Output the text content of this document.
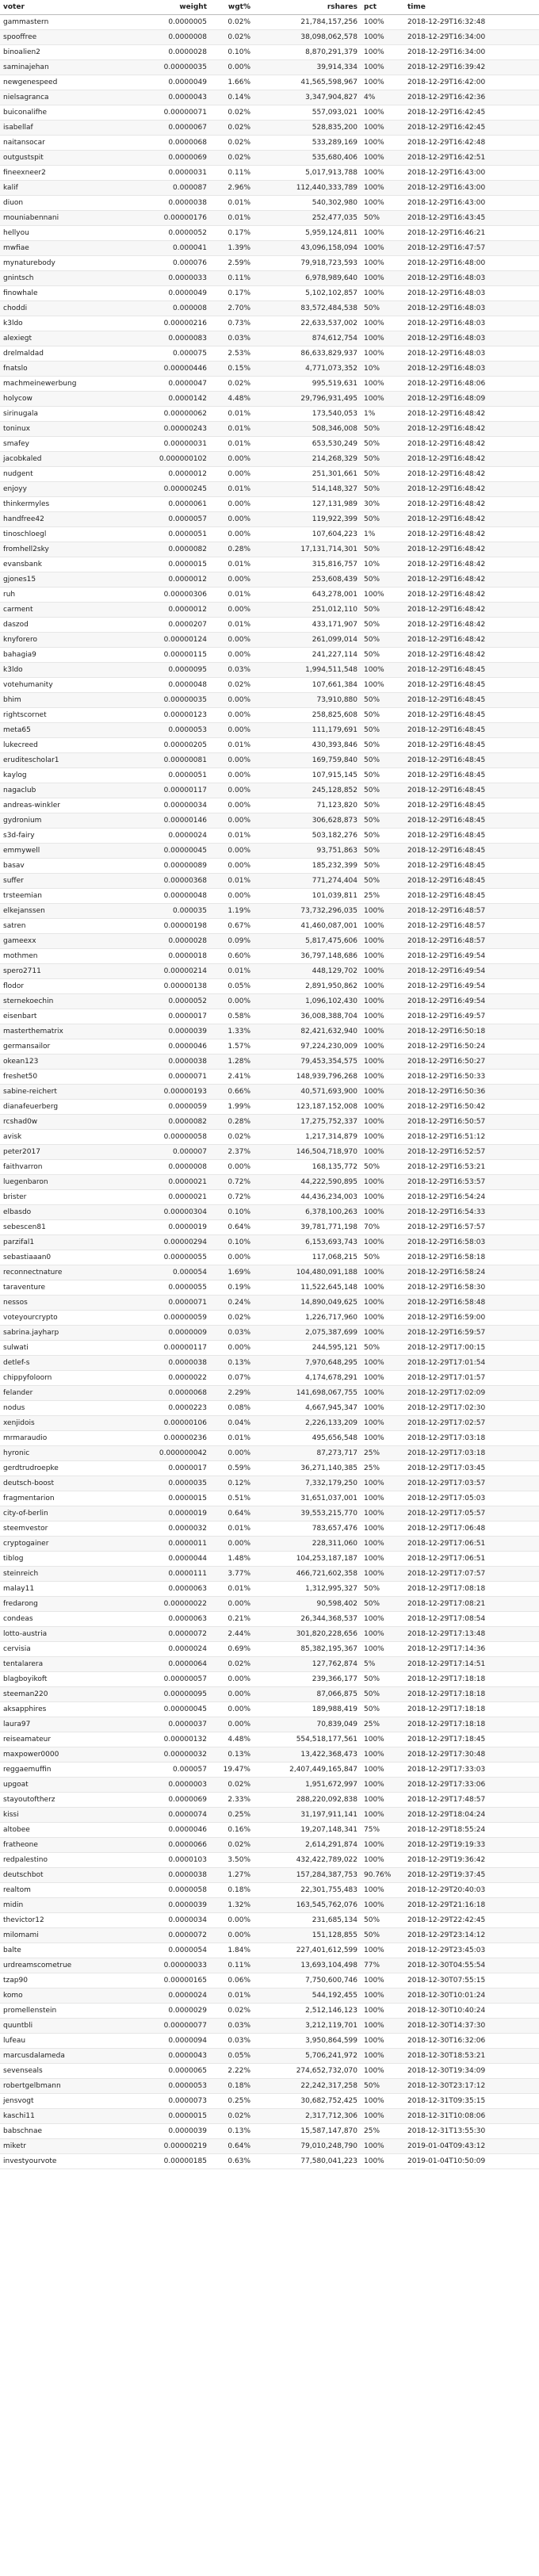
voter	weight	wgt%	rshares	pct	time
gammastern	0.0000005	0.02%	21,784,157,256	100%	2018-12-29T16:32:48
spooffree	0.0000008	0.02%	38,098,062,578	100%	2018-12-29T16:34:00
binoalien2	0.0000028	0.10%	8,870,291,379	100%	2018-12-29T16:34:00
saminajehan	0.00000035	0.00%	39,914,334	100%	2018-12-29T16:39:42
newgenespeed	0.0000049	1.66%	41,565,598,967	100%	2018-12-29T16:42:00
nielsagranca	0.0000043	0.14%	3,347,904,827	4%	2018-12-29T16:42:36
buiconalifhe	0.00000071	0.02%	557,093,021	100%	2018-12-29T16:42:45
isabellaf	0.0000067	0.02%	528,835,200	100%	2018-12-29T16:42:45
naitansocar	0.0000068	0.02%	533,289,169	100%	2018-12-29T16:42:48
outgustspit	0.0000069	0.02%	535,680,406	100%	2018-12-29T16:42:51
fineexneer2	0.0000031	0.11%	5,017,913,788	100%	2018-12-29T16:43:00
kalif	0.000087	2.96%	112,440,333,789	100%	2018-12-29T16:43:00
diuon	0.0000038	0.01%	540,302,980	100%	2018-12-29T16:43:00
mouniabennani	0.00000176	0.01%	252,477,035	50%	2018-12-29T16:43:45
hellyou	0.0000052	0.17%	5,959,124,811	100%	2018-12-29T16:46:21
mwfiae	0.000041	1.39%	43,096,158,094	100%	2018-12-29T16:47:57
mynaturebody	0.000076	2.59%	79,918,723,593	100%	2018-12-29T16:48:00
gnintsch	0.0000033	0.11%	6,978,989,640	100%	2018-12-29T16:48:03
finowhale	0.0000049	0.17%	5,102,102,857	100%	2018-12-29T16:48:03
choddi	0.000008	2.70%	83,572,484,538	50%	2018-12-29T16:48:03
k3ldo	0.00000216	0.73%	22,633,537,002	100%	2018-12-29T16:48:03
alexiegt	0.0000083	0.03%	874,612,754	100%	2018-12-29T16:48:03
drelmaldad	0.000075	2.53%	86,633,829,937	100%	2018-12-29T16:48:03
fnatslo	0.00000446	0.15%	4,771,073,352	10%	2018-12-29T16:48:03
machmeinewerbung	0.0000047	0.02%	995,519,631	100%	2018-12-29T16:48:06
holycow	0.0000142	4.48%	29,796,931,495	100%	2018-12-29T16:48:09
sirinugala	0.00000062	0.01%	173,540,053	1%	2018-12-29T16:48:42
toninux	0.00000243	0.01%	508,346,008	50%	2018-12-29T16:48:42
smafey	0.00000031	0.01%	653,530,249	50%	2018-12-29T16:48:42
jacobkaled	0.000000102	0.00%	214,268,329	50%	2018-12-29T16:48:42
nudgent	0.0000012	0.00%	251,301,661	50%	2018-12-29T16:48:42
enjoyy	0.00000245	0.01%	514,148,327	50%	2018-12-29T16:48:42
thinkermyles	0.0000061	0.00%	127,131,989	30%	2018-12-29T16:48:42
handfree42	0.0000057	0.00%	119,922,399	50%	2018-12-29T16:48:42
tinoschloegl	0.0000051	0.00%	107,604,223	1%	2018-12-29T16:48:42
fromhell2sky	0.0000082	0.28%	17,131,714,301	50%	2018-12-29T16:48:42
evansbank	0.0000015	0.01%	315,816,757	10%	2018-12-29T16:48:42
gjones15	0.0000012	0.00%	253,608,439	50%	2018-12-29T16:48:42
ruh	0.00000306	0.01%	643,278,001	100%	2018-12-29T16:48:42
carment	0.0000012	0.00%	251,012,110	50%	2018-12-29T16:48:42
daszod	0.0000207	0.01%	433,171,907	50%	2018-12-29T16:48:42
knyforero	0.00000124	0.00%	261,099,014	50%	2018-12-29T16:48:42
bahagia9	0.00000115	0.00%	241,227,114	50%	2018-12-29T16:48:42
k3ldo	0.0000095	0.03%	1,994,511,548	100%	2018-12-29T16:48:45
votehumanity	0.0000048	0.02%	107,661,384	100%	2018-12-29T16:48:45
bhim	0.00000035	0.00%	73,910,880	50%	2018-12-29T16:48:45
rightscornet	0.00000123	0.00%	258,825,608	50%	2018-12-29T16:48:45
meta65	0.0000053	0.00%	111,179,691	50%	2018-12-29T16:48:45
lukecreed	0.00000205	0.01%	430,393,846	50%	2018-12-29T16:48:45
eruditescholar1	0.00000081	0.00%	169,759,840	50%	2018-12-29T16:48:45
kaylog	0.0000051	0.00%	107,915,145	50%	2018-12-29T16:48:45
nagaclub	0.00000117	0.00%	245,128,852	50%	2018-12-29T16:48:45
andreas-winkler	0.00000034	0.00%	71,123,820	50%	2018-12-29T16:48:45
gydronium	0.00000146	0.00%	306,628,873	50%	2018-12-29T16:48:45
s3d-fairy	0.0000024	0.01%	503,182,276	50%	2018-12-29T16:48:45
emmywell	0.00000045	0.00%	93,751,863	50%	2018-12-29T16:48:45
basav	0.00000089	0.00%	185,232,399	50%	2018-12-29T16:48:45
suffer	0.00000368	0.01%	771,274,404	50%	2018-12-29T16:48:45
trsteemian	0.00000048	0.00%	101,039,811	25%	2018-12-29T16:48:45
elkejanssen	0.000035	1.19%	73,732,296,035	100%	2018-12-29T16:48:57
satren	0.00000198	0.67%	41,460,087,001	100%	2018-12-29T16:48:57
gameexx	0.0000028	0.09%	5,817,475,606	100%	2018-12-29T16:48:57
mothmen	0.0000018	0.60%	36,797,148,686	100%	2018-12-29T16:49:54
spero2711	0.00000214	0.01%	448,129,702	100%	2018-12-29T16:49:54
flodor	0.00000138	0.05%	2,891,950,862	100%	2018-12-29T16:49:54
sternekoechin	0.0000052	0.00%	1,096,102,430	100%	2018-12-29T16:49:54
eisenbart	0.0000017	0.58%	36,008,388,704	100%	2018-12-29T16:49:57
masterthematrix	0.0000039	1.33%	82,421,632,940	100%	2018-12-29T16:50:18
germansailor	0.0000046	1.57%	97,224,230,009	100%	2018-12-29T16:50:24
okean123	0.0000038	1.28%	79,453,354,575	100%	2018-12-29T16:50:27
freshet50	0.0000071	2.41%	148,939,796,268	100%	2018-12-29T16:50:33
sabine-reichert	0.00000193	0.66%	40,571,693,900	100%	2018-12-29T16:50:36
dianafeuerberg	0.0000059	1.99%	123,187,152,008	100%	2018-12-29T16:50:42
rcshad0w	0.0000082	0.28%	17,275,752,337	100%	2018-12-29T16:50:57
avisk	0.00000058	0.02%	1,217,314,879	100%	2018-12-29T16:51:12
peter2017	0.000007	2.37%	146,504,718,970	100%	2018-12-29T16:52:57
faithvarron	0.0000008	0.00%	168,135,772	50%	2018-12-29T16:53:21
luegenbaron	0.0000021	0.72%	44,222,590,895	100%	2018-12-29T16:53:57
brister	0.0000021	0.72%	44,436,234,003	100%	2018-12-29T16:54:24
elbasdo	0.00000304	0.10%	6,378,100,263	100%	2018-12-29T16:54:33
sebescen81	0.0000019	0.64%	39,781,771,198	70%	2018-12-29T16:57:57
parzifal1	0.00000294	0.10%	6,153,693,743	100%	2018-12-29T16:58:03
sebastiaaan0	0.00000055	0.00%	117,068,215	50%	2018-12-29T16:58:18
reconnectnature	0.000054	1.69%	104,480,091,188	100%	2018-12-29T16:58:24
taraventure	0.0000055	0.19%	11,522,645,148	100%	2018-12-29T16:58:30
nessos	0.0000071	0.24%	14,890,049,625	100%	2018-12-29T16:58:48
voteyourcrypto	0.00000059	0.02%	1,226,717,960	100%	2018-12-29T16:59:00
sabrina.jayharp	0.0000009	0.03%	2,075,387,699	100%	2018-12-29T16:59:57
sulwati	0.00000117	0.00%	244,595,121	50%	2018-12-29T17:00:15
detlef-s	0.0000038	0.13%	7,970,648,295	100%	2018-12-29T17:01:54
chippyfoloorn	0.0000022	0.07%	4,174,678,291	100%	2018-12-29T17:01:57
felander	0.0000068	2.29%	141,698,067,755	100%	2018-12-29T17:02:09
nodus	0.0000223	0.08%	4,667,945,347	100%	2018-12-29T17:02:30
xenjidois	0.00000106	0.04%	2,226,133,209	100%	2018-12-29T17:02:57
mrmaraudio	0.00000236	0.01%	495,656,548	100%	2018-12-29T17:03:18
hyronic	0.000000042	0.00%	87,273,717	25%	2018-12-29T17:03:18
gerdtrudroepke	0.0000017	0.59%	36,271,140,385	25%	2018-12-29T17:03:45
deutsch-boost	0.0000035	0.12%	7,332,179,250	100%	2018-12-29T17:03:57
fragmentarion	0.0000015	0.51%	31,651,037,001	100%	2018-12-29T17:05:03
city-of-berlin	0.0000019	0.64%	39,553,215,770	100%	2018-12-29T17:05:57
steemvestor	0.0000032	0.01%	783,657,476	100%	2018-12-29T17:06:48
cryptogainer	0.0000011	0.00%	228,311,060	100%	2018-12-29T17:06:51
tiblog	0.0000044	1.48%	104,253,187,187	100%	2018-12-29T17:06:51
steinreich	0.0000111	3.77%	466,721,602,358	100%	2018-12-29T17:07:57
malay11	0.0000063	0.01%	1,312,995,327	50%	2018-12-29T17:08:18
fredarong	0.00000022	0.00%	90,598,402	50%	2018-12-29T17:08:21
condeas	0.0000063	0.21%	26,344,368,537	100%	2018-12-29T17:08:54
lotto-austria	0.0000072	2.44%	301,820,228,656	100%	2018-12-29T17:13:48
cervisia	0.0000024	0.69%	85,382,195,367	100%	2018-12-29T17:14:36
tentalarera	0.0000064	0.02%	127,762,874	5%	2018-12-29T17:14:51
blagboyikoft	0.00000057	0.00%	239,366,177	50%	2018-12-29T17:18:18
steeman220	0.00000095	0.00%	87,066,875	50%	2018-12-29T17:18:18
aksapphires	0.00000045	0.00%	189,988,419	50%	2018-12-29T17:18:18
laura97	0.0000037	0.00%	70,839,049	25%	2018-12-29T17:18:18
reiseamateur	0.00000132	4.48%	554,518,177,561	100%	2018-12-29T17:18:45
maxpower0000	0.00000032	0.13%	13,422,368,473	100%	2018-12-29T17:30:48
reggaemuffin	0.000057	19.47%	2,407,449,165,847	100%	2018-12-29T17:33:03
upgoat	0.0000003	0.02%	1,951,672,997	100%	2018-12-29T17:33:06
stayoutoftherz	0.0000069	2.33%	288,220,092,838	100%	2018-12-29T17:48:57
kissi	0.0000074	0.25%	31,197,911,141	100%	2018-12-29T18:04:24
altobee	0.0000046	0.16%	19,207,148,341	75%	2018-12-29T18:55:24
fratheone	0.0000066	0.02%	2,614,291,874	100%	2018-12-29T19:19:33
redpalestino	0.0000103	3.50%	432,422,789,022	100%	2018-12-29T19:36:42
deutschbot	0.0000038	1.27%	157,284,387,753	90.76%	2018-12-29T19:37:45
realtom	0.0000058	0.18%	22,301,755,483	100%	2018-12-29T20:40:03
midin	0.0000039	1.32%	163,545,762,076	100%	2018-12-29T21:16:18
thevictor12	0.0000034	0.00%	231,685,134	50%	2018-12-29T22:42:45
milomami	0.0000072	0.00%	151,128,855	50%	2018-12-29T23:14:12
balte	0.0000054	1.84%	227,401,612,599	100%	2018-12-29T23:45:03
urdreamscometrue	0.00000033	0.11%	13,693,104,498	77%	2018-12-30T04:55:54
tzap90	0.00000165	0.06%	7,750,600,746	100%	2018-12-30T07:55:15
komo	0.0000024	0.01%	544,192,455	100%	2018-12-30T10:01:24
promellenstein	0.0000029	0.02%	2,512,146,123	100%	2018-12-30T10:40:24
quuntbli	0.00000077	0.03%	3,212,119,701	100%	2018-12-30T14:37:30
lufeau	0.0000094	0.03%	3,950,864,599	100%	2018-12-30T16:32:06
marcusdalameda	0.0000043	0.05%	5,706,241,972	100%	2018-12-30T18:53:21
sevenseals	0.0000065	2.22%	274,652,732,070	100%	2018-12-30T19:34:09
robertgelbmann	0.0000053	0.18%	22,242,317,258	50%	2018-12-30T23:17:12
jensvogt	0.0000073	0.25%	30,682,752,425	100%	2018-12-31T09:35:15
kaschi11	0.0000015	0.02%	2,317,712,306	100%	2018-12-31T10:08:06
babschnae	0.0000039	0.13%	15,587,147,870	25%	2018-12-31T13:55:30
miketr	0.00000219	0.64%	79,010,248,790	100%	2019-01-04T09:43:12
investyourvote	0.00000185	0.63%	77,580,041,223	100%	2019-01-04T10:50:09
